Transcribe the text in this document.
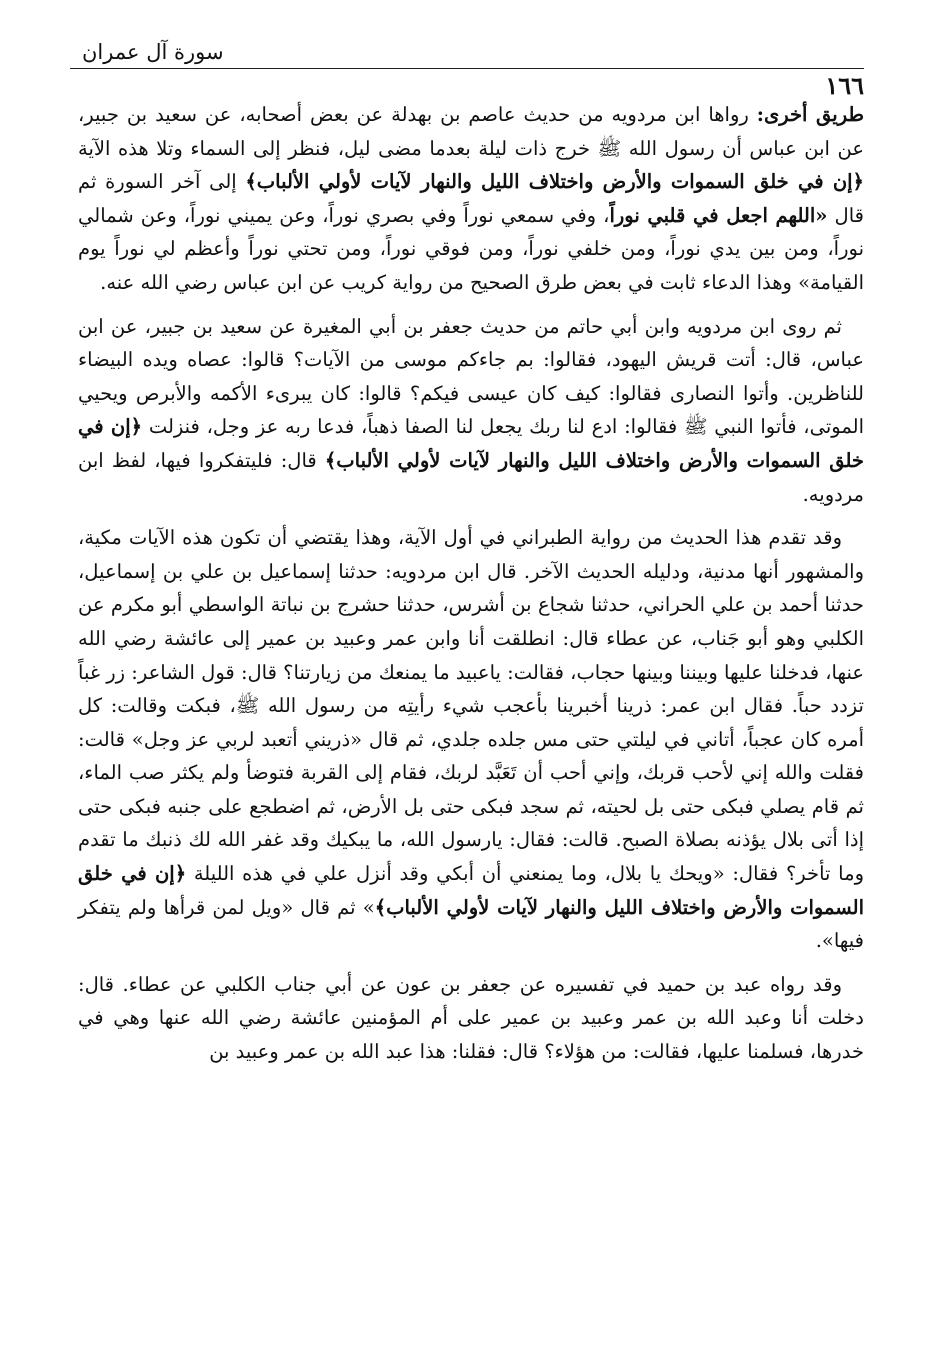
سورة آل عمران
١٦٦

طريق أخرى: رواها ابن مردويه من حديث عاصم بن بهدلة عن بعض أصحابه، عن سعيد بن جبير، عن ابن عباس أن رسول الله ﷺ خرج ذات ليلة بعدما مضى ليل، فنظر إلى السماء وتلا هذه الآية ﴿إن في خلق السموات والأرض واختلاف الليل والنهار لآيات لأولي الألباب﴾ إلى آخر السورة ثم قال «اللهم اجعل في قلبي نوراً، وفي سمعي نوراً وفي بصري نوراً، وعن يميني نوراً، وعن شمالي نوراً، ومن بين يدي نوراً، ومن خلفي نوراً، ومن فوقي نوراً، ومن تحتي نوراً وأعظم لي نوراً يوم القيامة» وهذا الدعاء ثابت في بعض طرق الصحيح من رواية كريب عن ابن عباس رضي الله عنه.

ثم روى ابن مردويه وابن أبي حاتم من حديث جعفر بن أبي المغيرة عن سعيد بن جبير، عن ابن عباس، قال: أتت قريش اليهود، فقالوا: بم جاءكم موسى من الآيات؟ قالوا: عصاه ويده البيضاء للناظرين. وأتوا النصارى فقالوا: كيف كان عيسى فيكم؟ قالوا: كان يبرىء الأكمه والأبرص ويحيي الموتى، فأتوا النبي ﷺ فقالوا: ادع لنا ربك يجعل لنا الصفا ذهباً، فدعا ربه عز وجل، فنزلت ﴿إن في خلق السموات والأرض واختلاف الليل والنهار لآيات لأولي الألباب﴾ قال: فليتفكروا فيها، لفظ ابن مردويه.

وقد تقدم هذا الحديث من رواية الطبراني في أول الآية، وهذا يقتضي أن تكون هذه الآيات مكية، والمشهور أنها مدنية، ودليله الحديث الآخر. قال ابن مردويه: حدثنا إسماعيل بن علي بن إسماعيل، حدثنا أحمد بن علي الحراني، حدثنا شجاع بن أشرس، حدثنا حشرج بن نباتة الواسطي أبو مكرم عن الكلبي وهو أبو جَناب، عن عطاء قال: انطلقت أنا وابن عمر وعبيد بن عمير إلى عائشة رضي الله عنها، فدخلنا عليها وبيننا وبينها حجاب، فقالت: ياعبيد ما يمنعك من زيارتنا؟ قال: قول الشاعر: زر غباً تزدد حباً. فقال ابن عمر: ذرينا أخبرينا بأعجب شيء رأيتِه من رسول الله ﷺ، فبكت وقالت: كل أمره كان عجباً، أتاني في ليلتي حتى مس جلده جلدي، ثم قال «ذريني أتعبد لربي عز وجل» قالت: فقلت والله إني لأحب قربك، وإني أحب أن تَعَبَّد لربك، فقام إلى القربة فتوضأ ولم يكثر صب الماء، ثم قام يصلي فبكى حتى بل لحيته، ثم سجد فبكى حتى بل الأرض، ثم اضطجع على جنبه فبكى حتى إذا أتى بلال يؤذنه بصلاة الصبح. قالت: فقال: يارسول الله، ما يبكيك وقد غفر الله لك ذنبك ما تقدم وما تأخر؟ فقال: «ويحك يا بلال، وما يمنعني أن أبكي وقد أنزل علي في هذه الليلة ﴿إن في خلق السموات والأرض واختلاف الليل والنهار لآيات لأولي الألباب﴾» ثم قال «ويل لمن قرأها ولم يتفكر فيها».

وقد رواه عبد بن حميد في تفسيره عن جعفر بن عون عن أبي جناب الكلبي عن عطاء. قال: دخلت أنا وعبد الله بن عمر وعبيد بن عمير على أم المؤمنين عائشة رضي الله عنها وهي في خدرها، فسلمنا عليها، فقالت: من هؤلاء؟ قال: فقلنا: هذا عبد الله بن عمر وعبيد بن
